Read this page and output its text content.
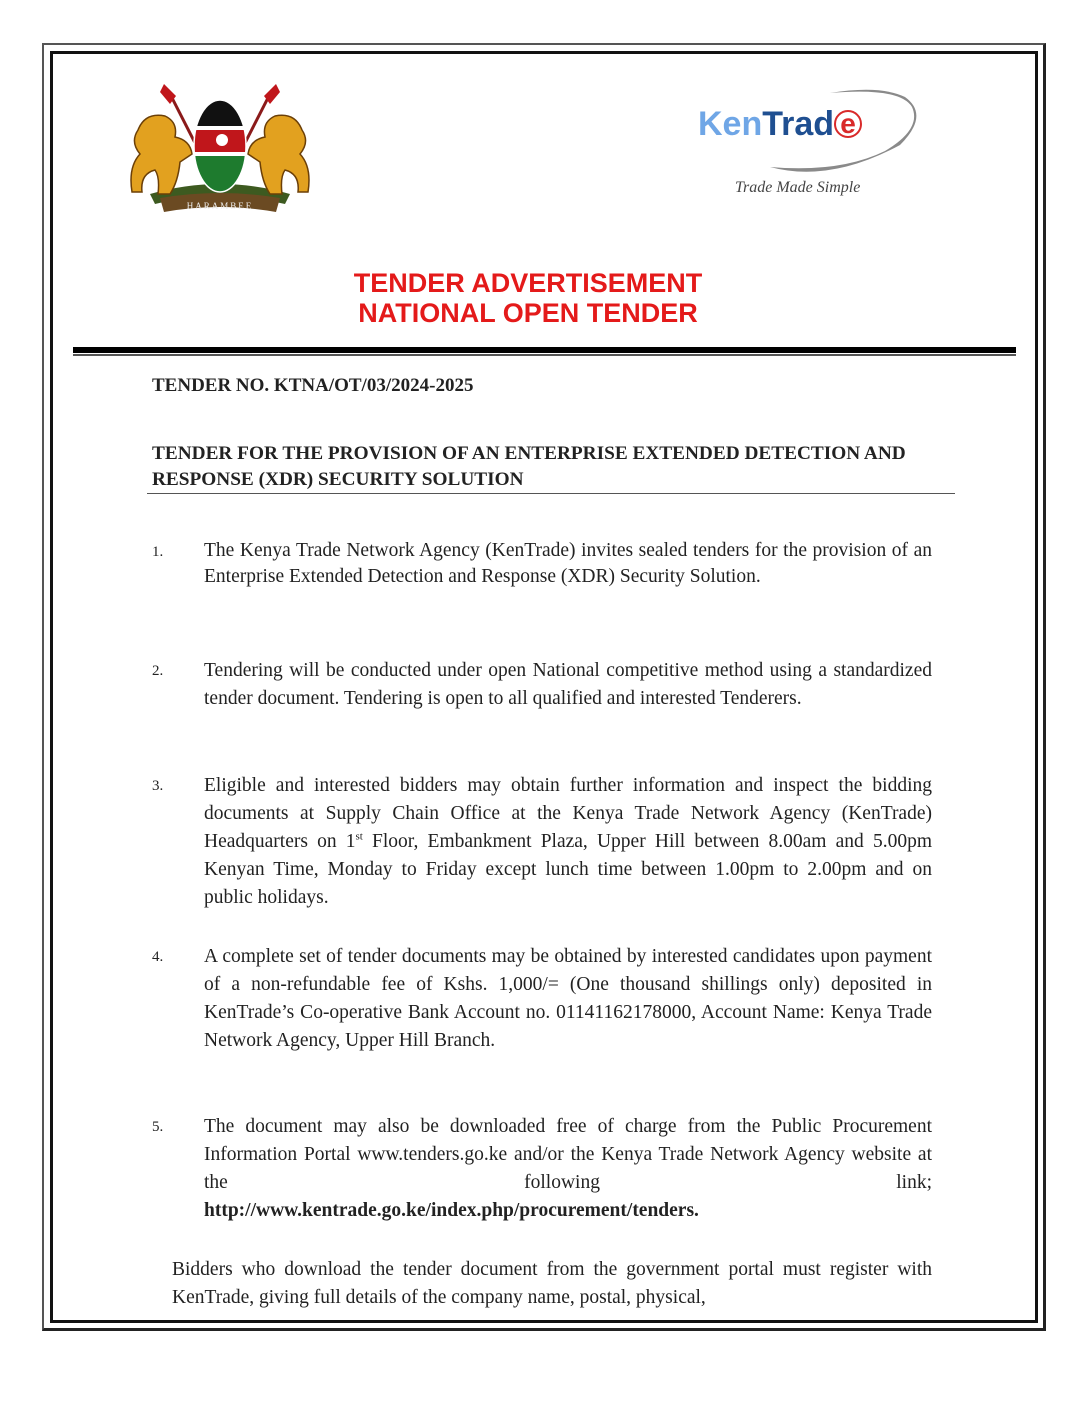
HARAMBEE
KenTrad e
Trade Made Simple
TENDER ADVERTISEMENT
NATIONAL OPEN TENDER
TENDER NO. KTNA/OT/03/2024-2025
TENDER FOR THE PROVISION OF AN ENTERPRISE EXTENDED DETECTION AND RESPONSE (XDR) SECURITY SOLUTION
1. The Kenya Trade Network Agency (KenTrade) invites sealed tenders for the provision of an Enterprise Extended Detection and Response (XDR) Security Solution.
2. Tendering will be conducted under open National competitive method using a standardized tender document. Tendering is open to all qualified and interested Tenderers.
3. Eligible and interested bidders may obtain further information and inspect the bidding documents at Supply Chain Office at the Kenya Trade Network Agency (KenTrade) Headquarters on 1st Floor, Embankment Plaza, Upper Hill between 8.00am and 5.00pm Kenyan Time, Monday to Friday except lunch time between 1.00pm to 2.00pm and on public holidays.
4. A complete set of tender documents may be obtained by interested candidates upon payment of a non-refundable fee of Kshs. 1,000/= (One thousand shillings only) deposited in KenTrade’s Co-operative Bank Account no. 01141162178000, Account Name: Kenya Trade Network Agency, Upper Hill Branch.
5. The document may also be downloaded free of charge from the Public Procurement Information Portal www.tenders.go.ke and/or the Kenya Trade Network Agency website at the following link;
http://www.kentrade.go.ke/index.php/procurement/tenders.
Bidders who download the tender document from the government portal must register with KenTrade, giving full details of the company name, postal, physical,
